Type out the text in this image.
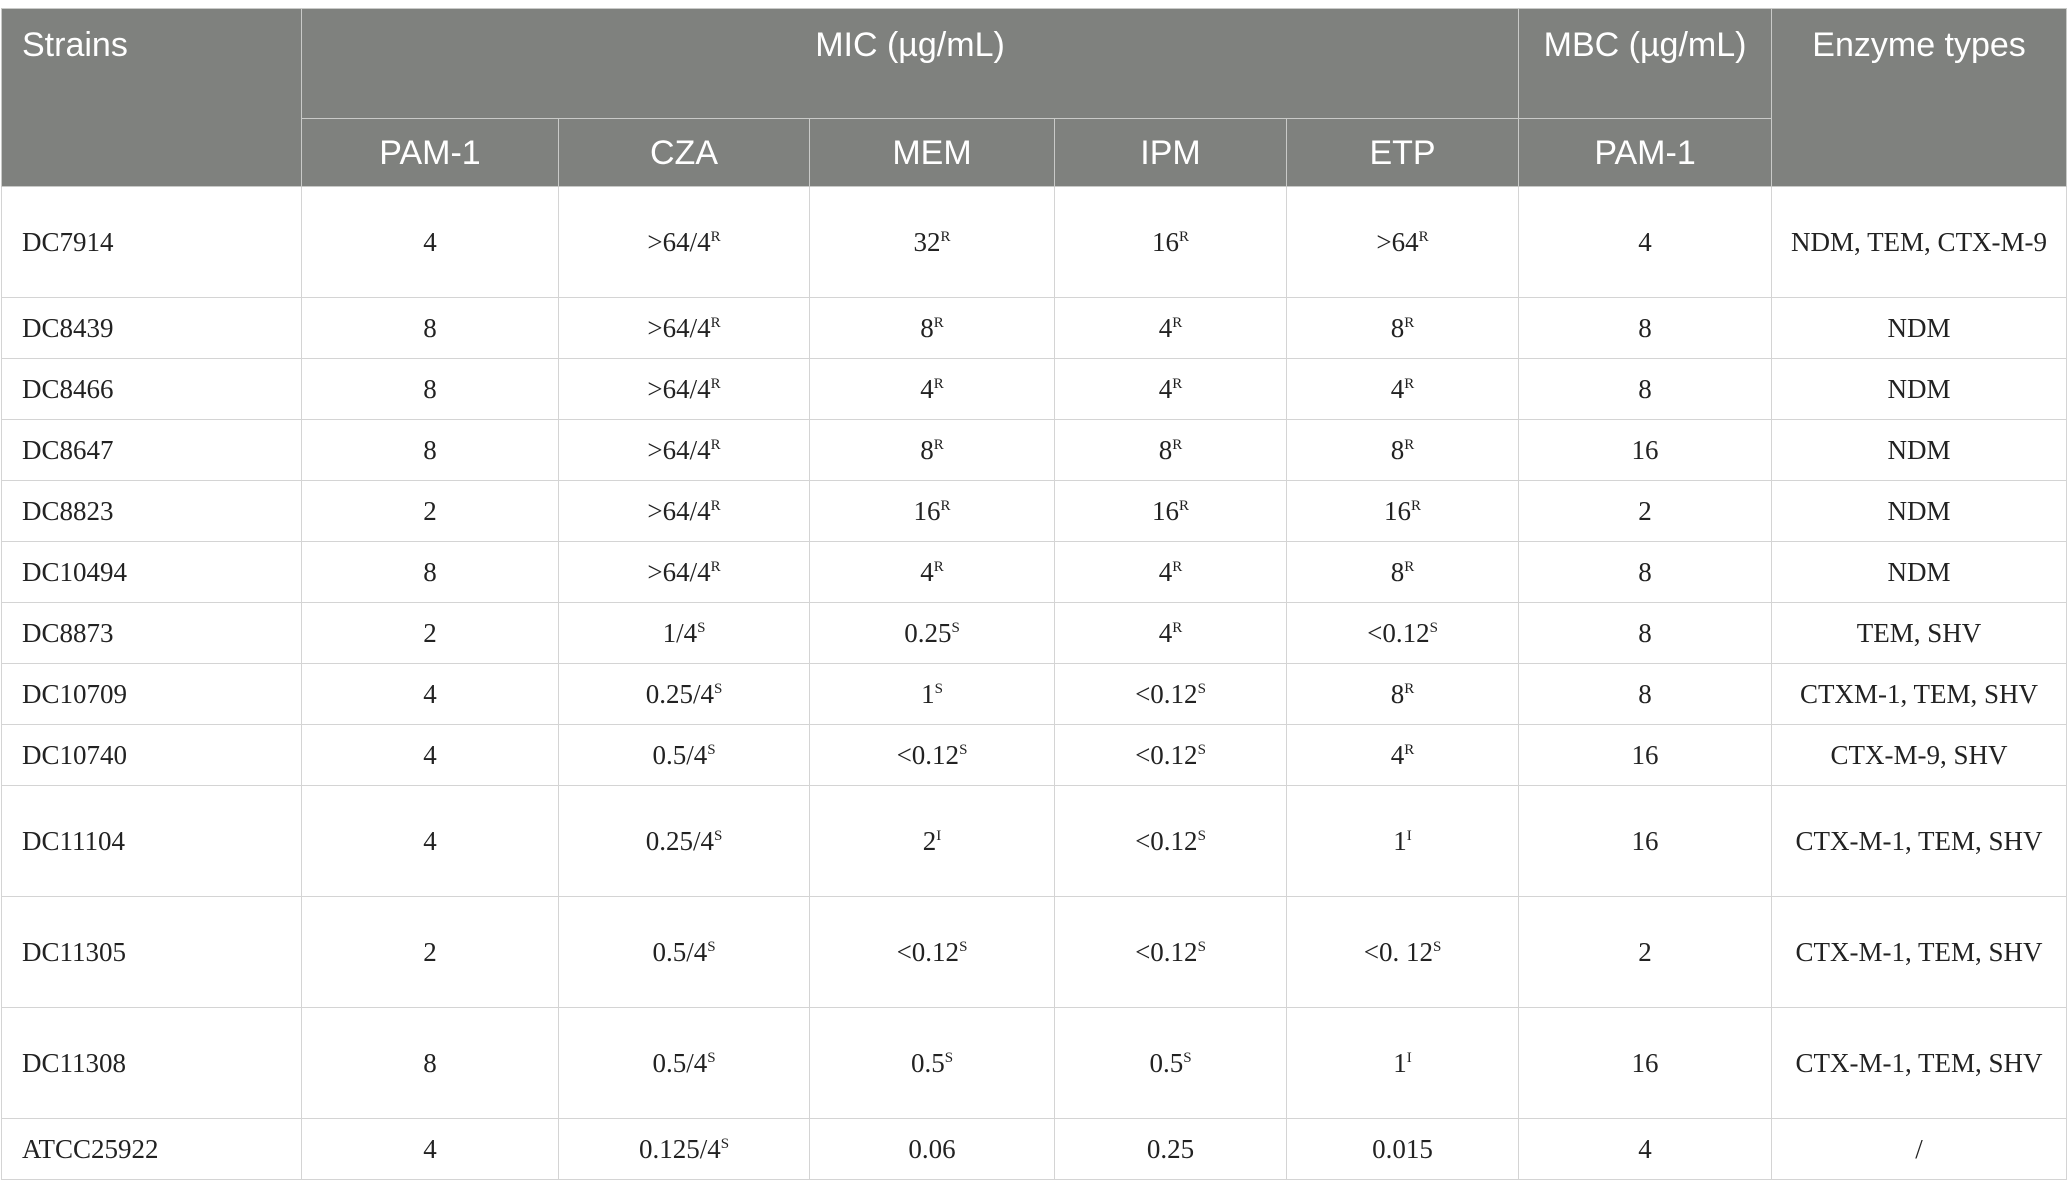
Strains	MIC (µg/mL)					MBC (µg/mL)	Enzyme types
	PAM-1	CZA	MEM	IPM	ETP	PAM-1	
DC7914	4	$>64/4^R$	$32^R$	$16^R$	$>64^R$	4	NDM, TEM, CTX-M-9
DC8439	8	$>64/4^R$	$8^R$	$4^R$	$8^R$	8	NDM
DC8466	8	$>64/4^R$	$4^R$	$4^R$	$4^R$	8	NDM
DC8647	8	$>64/4^R$	$8^R$	$8^R$	$8^R$	16	NDM
DC8823	2	$>64/4^R$	$16^R$	$16^R$	$16^R$	2	NDM
DC10494	8	$>64/4^R$	$4^R$	$4^R$	$8^R$	8	NDM
DC8873	2	$1/4^S$	$0.25^S$	$4^R$	$<0.12^S$	8	TEM, SHV
DC10709	4	$0.25/4^S$	$1^S$	$<0.12^S$	$8^R$	8	CTXM-1, TEM, SHV
DC10740	4	$0.5/4^S$	$<0.12^S$	$<0.12^S$	$4^R$	16	CTX-M-9, SHV
DC11104	4	$0.25/4^S$	$2^I$	$<0.12^S$	$1^I$	16	CTX-M-1, TEM, SHV
DC11305	2	$0.5/4^S$	$<0.12^S$	$<0.12^S$	<0. $12^S$	2	CTX-M-1, TEM, SHV
DC11308	8	$0.5/4^S$	$0.5^S$	$0.5^S$	$1^I$	16	CTX-M-1, TEM, SHV
ATCC25922	4	$0.125/4^S$	0.06	0.25	0.015	4	/
